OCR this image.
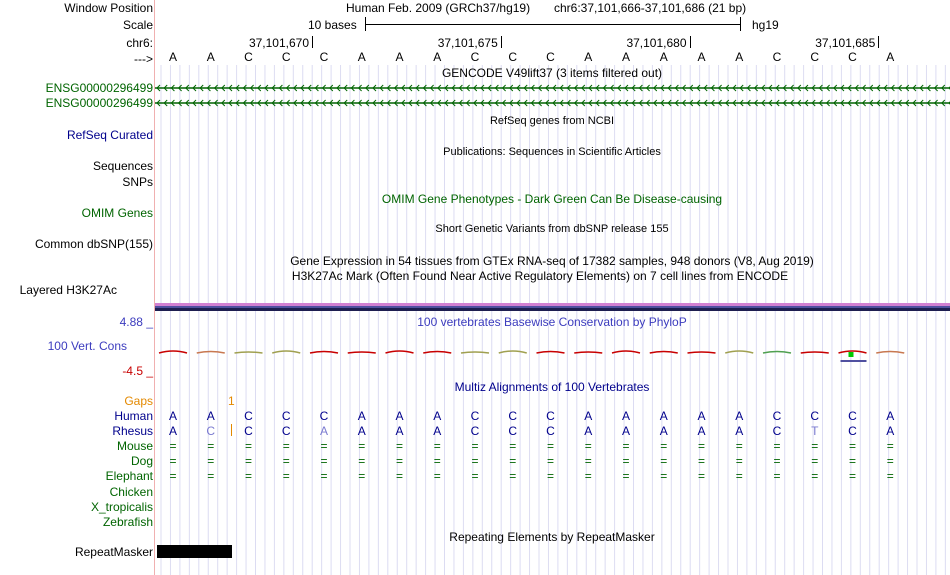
Window Position
Scale
chr6:
--->
Human Feb. 2009 (GRCh37/hg19) chr6:37,101,666-37,101,686 (21 bp)
10 bases	hg19
37,101,670	37,101,675	37,101,680	37,101,685
A	A	C	C	C	A	A	A	C	C	C	A	A	A	A	A	C	C	C	A
GENCODE V49lift37 (3 items filtered out)
ENSG00000296499
ENSG00000296499
RefSeq genes from NCBI
RefSeq Curated
Publications: Sequences in Scientific Articles
Sequences
SNPs
OMIM Gene Phenotypes - Dark Green Can Be Disease-causing
OMIM Genes
Short Genetic Variants from dbSNP release 155
Common dbSNP(155)
Gene Expression in 54 tissues from GTEx RNA-seq of 17382 samples, 948 donors (V8, Aug 2019)
H3K27Ac Mark (Often Found Near Active Regulatory Elements) on 7 cell lines from ENCODE
Layered H3K27Ac
100 vertebrates Basewise Conservation by PhyloP
4.88 _
100 Vert. Cons
-4.5 _
Multiz Alignments of 100 Vertebrates
Gaps	1
Human	A	A	C	C	C	A	A	A	C	C	C	A	A	A	A	A	C	C	C	A
Rhesus	A	C	C	C	A	A	A	A	C	C	C	A	A	A	A	A	C	T	C	A
Mouse	=	=	=	=	=	=	=	=	=	=	=	=	=	=	=	=	=	=	=	=
Dog	=	=	=	=	=	=	=	=	=	=	=	=	=	=	=	=	=	=	=	=
Elephant	=	=	=	=	=	=	=	=	=	=	=	=	=	=	=	=	=	=	=	=
Chicken
X_tropicalis
Zebrafish
Repeating Elements by RepeatMasker
RepeatMasker
